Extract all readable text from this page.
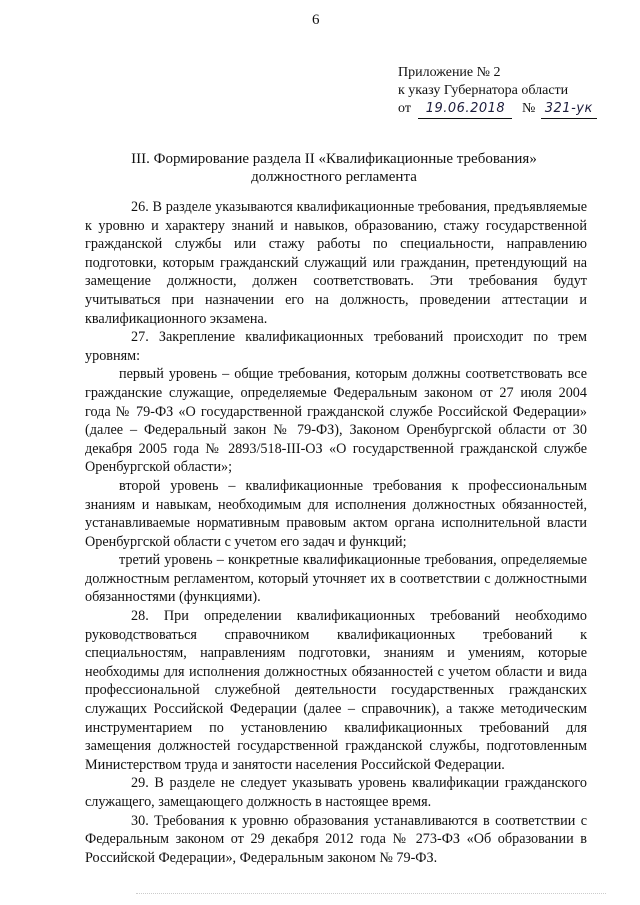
6
Приложение № 2
к указу Губернатора области
от 19.06.2018 № 321-ук
III. Формирование раздела II «Квалификационные требования»
должностного регламента

26. В разделе указываются квалификационные требования, предъявляемые к уровню и характеру знаний и навыков, образованию, стажу государственной гражданской службы или стажу работы по специальности, направлению подготовки, которым гражданский служащий или гражданин, претендующий на замещение должности, должен соответствовать. Эти требования будут учитываться при назначении его на должность, проведении аттестации и квалификационного экзамена.

27. Закрепление квалификационных требований происходит по трем уровням:

первый уровень – общие требования, которым должны соответствовать все гражданские служащие, определяемые Федеральным законом от 27 июля 2004 года № 79-ФЗ «О государственной гражданской службе Российской Федерации» (далее – Федеральный закон № 79-ФЗ), Законом Оренбургской области от 30 декабря 2005 года № 2893/518-III-ОЗ «О государственной гражданской службе Оренбургской области»;

второй уровень – квалификационные требования к профессиональным знаниям и навыкам, необходимым для исполнения должностных обязанностей, устанавливаемые нормативным правовым актом органа исполнительной власти Оренбургской области с учетом его задач и функций;

третий уровень – конкретные квалификационные требования, определяемые должностным регламентом, который уточняет их в соответствии с должностными обязанностями (функциями).

28. При определении квалификационных требований необходимо руководствоваться справочником квалификационных требований к специальностям, направлениям подготовки, знаниям и умениям, которые необходимы для исполнения должностных обязанностей с учетом области и вида профессиональной служебной деятельности государственных гражданских служащих Российской Федерации (далее – справочник), а также методическим инструментарием по установлению квалификационных требований для замещения должностей государственной гражданской службы, подготовленным Министерством труда и занятости населения Российской Федерации.

29. В разделе не следует указывать уровень квалификации гражданского служащего, замещающего должность в настоящее время.

30. Требования к уровню образования устанавливаются в соответствии с Федеральным законом от 29 декабря 2012 года № 273-ФЗ «Об образовании в Российской Федерации», Федеральным законом № 79-ФЗ.
